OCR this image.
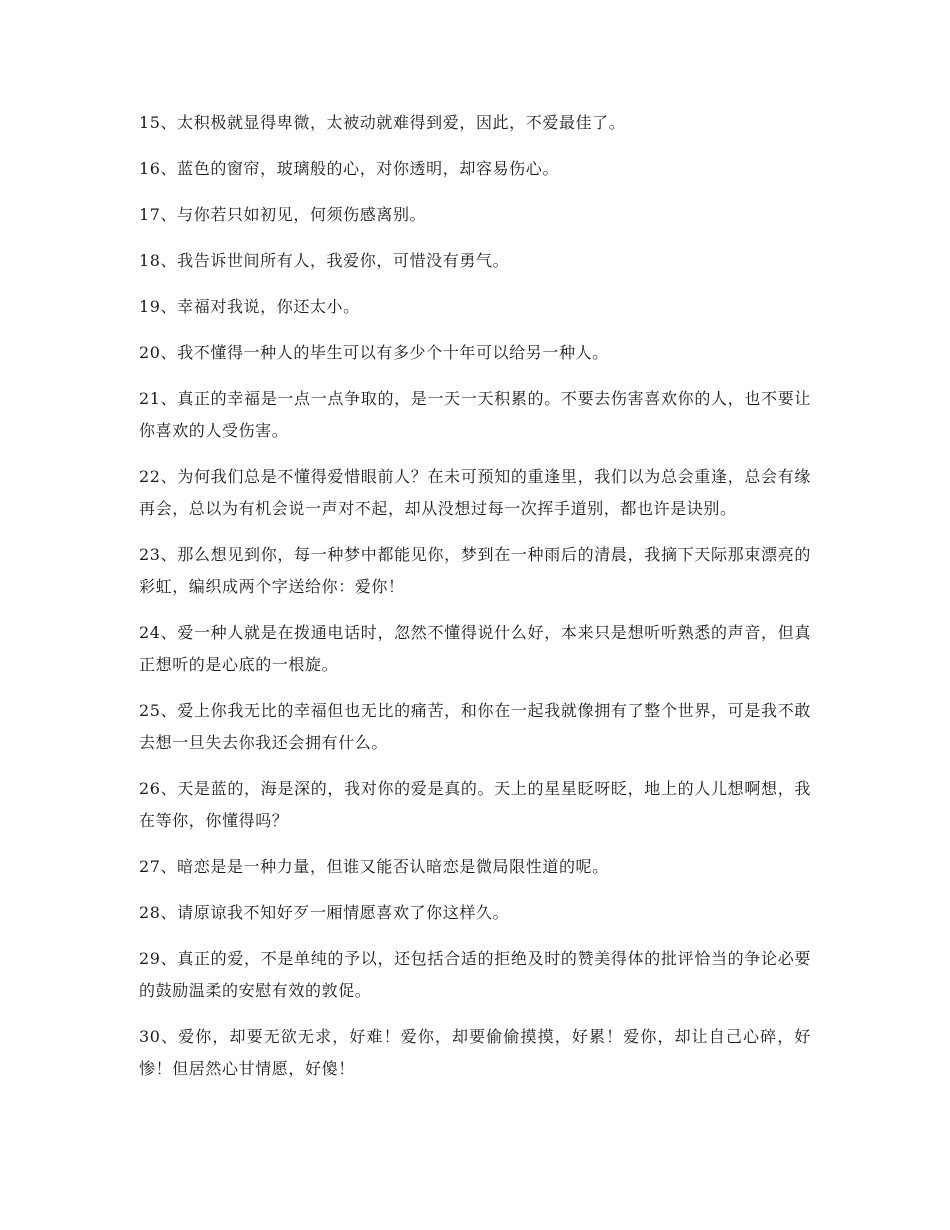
15、太积极就显得卑微，太被动就难得到爱，因此，不爱最佳了。

16、蓝色的窗帘，玻璃般的心，对你透明，却容易伤心。

17、与你若只如初见，何须伤感离别。

18、我告诉世间所有人，我爱你，可惜没有勇气。

19、幸福对我说，你还太小。

20、我不懂得一种人的毕生可以有多少个十年可以给另一种人。

21、真正的幸福是一点一点争取的，是一天一天积累的。不要去伤害喜欢你的人，也不要让你喜欢的人受伤害。

22、为何我们总是不懂得爱惜眼前人？在未可预知的重逢里，我们以为总会重逢，总会有缘再会，总以为有机会说一声对不起，却从没想过每一次挥手道别，都也许是诀别。

23、那么想见到你，每一种梦中都能见你，梦到在一种雨后的清晨，我摘下天际那束漂亮的彩虹，编织成两个字送给你：爱你！

24、爱一种人就是在拨通电话时，忽然不懂得说什么好，本来只是想听听熟悉的声音，但真正想听的是心底的一根旋。

25、爱上你我无比的幸福但也无比的痛苦，和你在一起我就像拥有了整个世界，可是我不敢去想一旦失去你我还会拥有什么。

26、天是蓝的，海是深的，我对你的爱是真的。天上的星星眨呀眨，地上的人儿想啊想，我在等你，你懂得吗？

27、暗恋是是一种力量，但谁又能否认暗恋是微局限性道的呢。

28、请原谅我不知好歹一厢情愿喜欢了你这样久。

29、真正的爱，不是单纯的予以，还包括合适的拒绝及时的赞美得体的批评恰当的争论必要的鼓励温柔的安慰有效的敦促。

30、爱你，却要无欲无求，好难！爱你，却要偷偷摸摸，好累！爱你，却让自己心碎，好惨！但居然心甘情愿，好傻！
